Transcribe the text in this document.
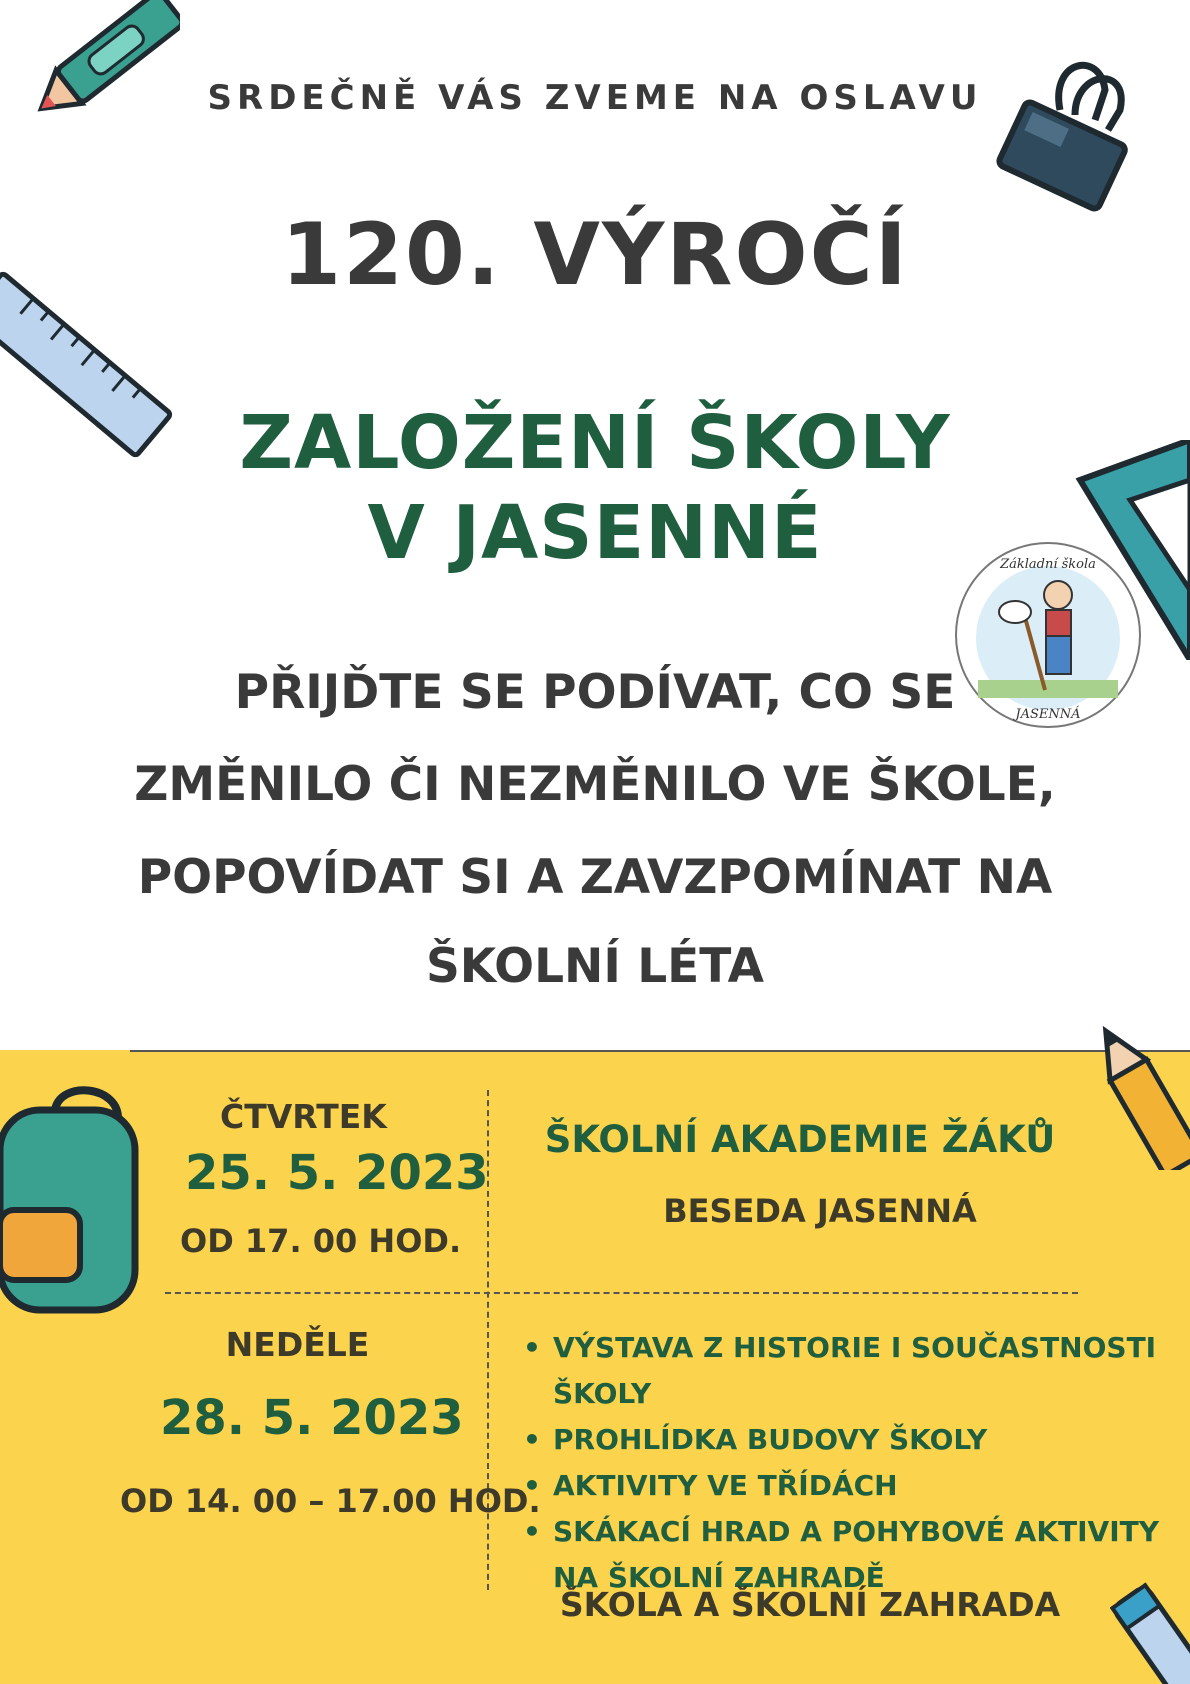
SRDEČNĚ VÁS ZVEME NA OSLAVU
120. VÝROČÍ
ZALOŽENÍ ŠKOLY
V JASENNÉ	Základní škola
JASENNÁ
PŘIJĎTE SE PODÍVAT, CO SE
ZMĚNILO ČI NEZMĚNILO VE ŠKOLE,
POPOVÍDAT SI A ZAVZPOMÍNAT NA
ŠKOLNÍ LÉTA
ČTVRTEK
25. 5. 2023
OD 17. 00 HOD.
ŠKOLNÍ AKADEMIE ŽÁKŮ
BESEDA JASENNÁ
NEDĚLE
28. 5. 2023
OD 14. 00 – 17.00 HOD.
• VÝSTAVA Z HISTORIE I SOUČASTNOSTI ŠKOLY
• PROHLÍDKA BUDOVY ŠKOLY
• AKTIVITY VE TŘÍDÁCH
• SKÁKACÍ HRAD A POHYBOVÉ AKTIVITY NA ŠKOLNÍ ZAHRADĚ
ŠKOLA A ŠKOLNÍ ZAHRADA
